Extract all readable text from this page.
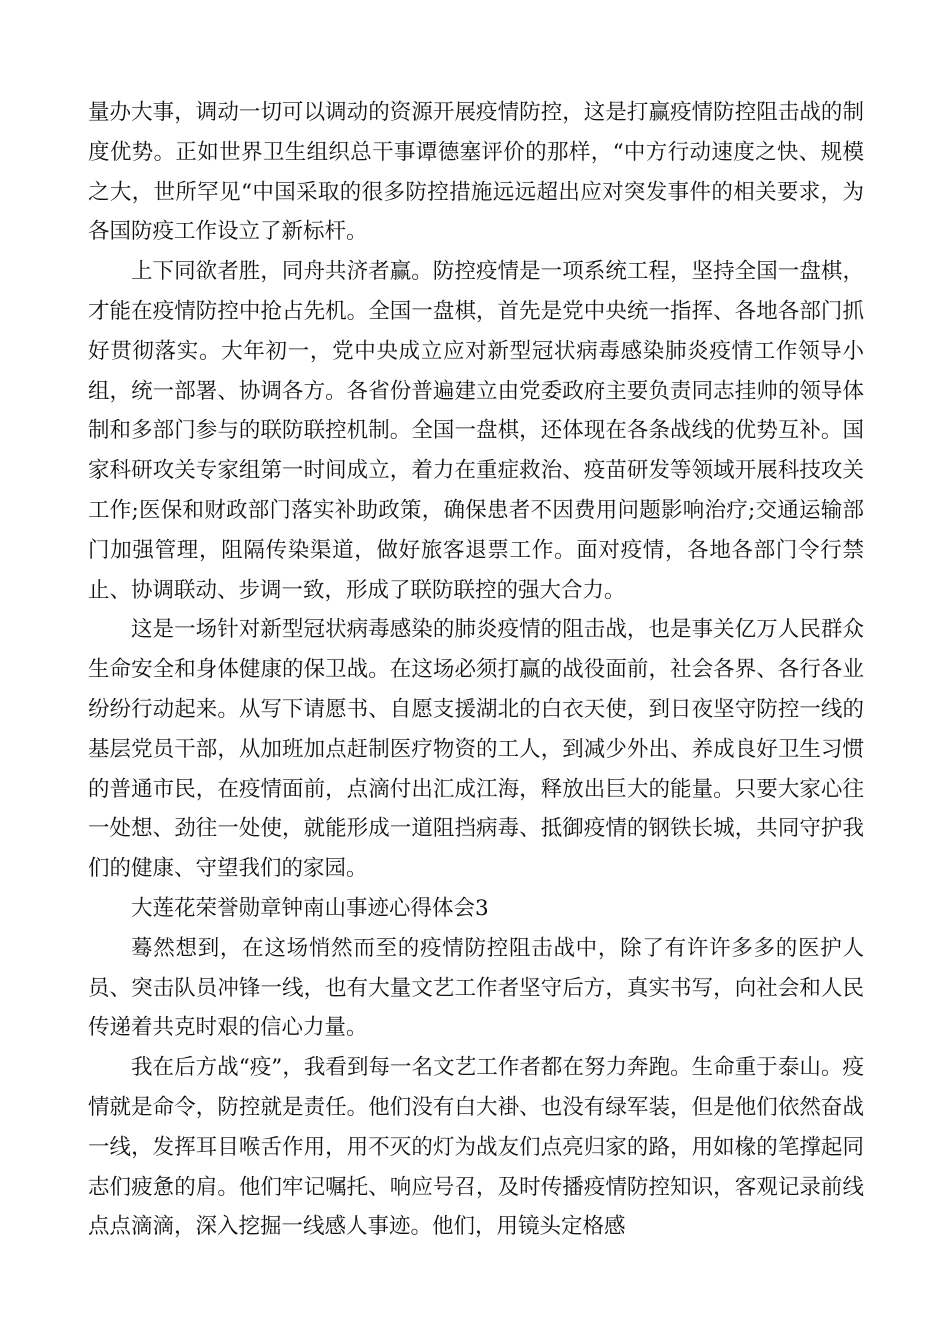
量办大事，调动一切可以调动的资源开展疫情防控，这是打赢疫情防控阻击战的制度优势。正如世界卫生组织总干事谭德塞评价的那样，“中方行动速度之快、规模之大，世所罕见“中国采取的很多防控措施远远超出应对突发事件的相关要求，为各国防疫工作设立了新标杆。

上下同欲者胜，同舟共济者赢。防控疫情是一项系统工程，坚持全国一盘棋，才能在疫情防控中抢占先机。全国一盘棋，首先是党中央统一指挥、各地各部门抓好贯彻落实。大年初一，党中央成立应对新型冠状病毒感染肺炎疫情工作领导小组，统一部署、协调各方。各省份普遍建立由党委政府主要负责同志挂帅的领导体制和多部门参与的联防联控机制。全国一盘棋，还体现在各条战线的优势互补。国家科研攻关专家组第一时间成立，着力在重症救治、疫苗研发等领域开展科技攻关工作;医保和财政部门落实补助政策，确保患者不因费用问题影响治疗;交通运输部门加强管理，阻隔传染渠道，做好旅客退票工作。面对疫情，各地各部门令行禁止、协调联动、步调一致，形成了联防联控的强大合力。

这是一场针对新型冠状病毒感染的肺炎疫情的阻击战，也是事关亿万人民群众生命安全和身体健康的保卫战。在这场必须打赢的战役面前，社会各界、各行各业纷纷行动起来。从写下请愿书、自愿支援湖北的白衣天使，到日夜坚守防控一线的基层党员干部，从加班加点赶制医疗物资的工人，到减少外出、养成良好卫生习惯的普通市民，在疫情面前，点滴付出汇成江海，释放出巨大的能量。只要大家心往一处想、劲往一处使，就能形成一道阻挡病毒、抵御疫情的钢铁长城，共同守护我们的健康、守望我们的家园。

大莲花荣誉勋章钟南山事迹心得体会3

蓦然想到，在这场悄然而至的疫情防控阻击战中，除了有许许多多的医护人员、突击队员冲锋一线，也有大量文艺工作者坚守后方，真实书写，向社会和人民传递着共克时艰的信心力量。

我在后方战“疫”，我看到每一名文艺工作者都在努力奔跑。生命重于泰山。疫情就是命令，防控就是责任。他们没有白大褂、也没有绿军装，但是他们依然奋战一线，发挥耳目喉舌作用，用不灭的灯为战友们点亮归家的路，用如椽的笔撑起同志们疲惫的肩。他们牢记嘱托、响应号召，及时传播疫情防控知识，客观记录前线点点滴滴，深入挖掘一线感人事迹。他们，用镜头定格感
